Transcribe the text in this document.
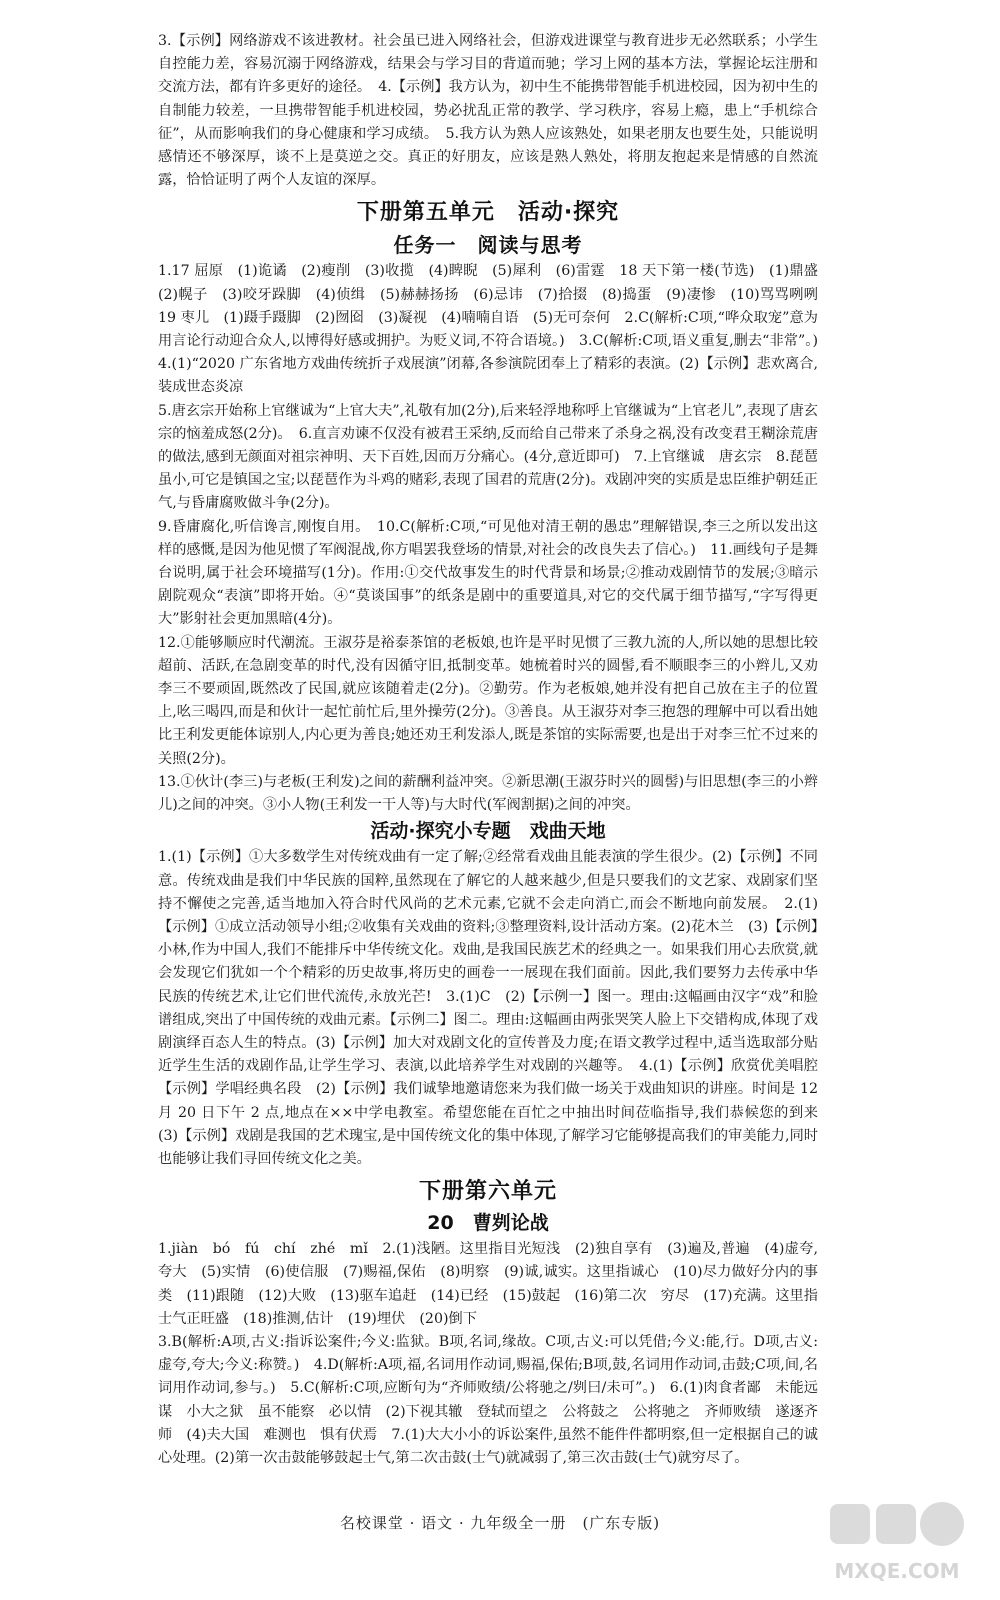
3.【示例】网络游戏不该进教材。社会虽已进入网络社会，但游戏进课堂与教育进步无必然联系；小学生自控能力差，容易沉溺于网络游戏，结果会与学习目的背道而驰；学习上网的基本方法，掌握论坛注册和交流方法，都有许多更好的途径。　4.【示例】我方认为，初中生不能携带智能手机进校园，因为初中生的自制能力较差，一旦携带智能手机进校园，势必扰乱正常的教学、学习秩序，容易上瘾，患上“手机综合征”，从而影响我们的身心健康和学习成绩。　5.我方认为熟人应该熟处，如果老朋友也要生处，只能说明感情还不够深厚，谈不上是莫逆之交。真正的好朋友，应该是熟人熟处，将朋友抱起来是情感的自然流露，恰恰证明了两个人友谊的深厚。

下册第五单元　活动·探究
任务一　阅读与思考

1.17 屈原　(1)诡谲　(2)瘦削　(3)收揽　(4)睥睨　(5)犀利　(6)雷霆　18 天下第一楼(节选)　(1)鼎盛　(2)幌子　(3)咬牙跺脚　(4)侦缉　(5)赫赫扬扬　(6)忌讳　(7)拾掇　(8)捣蛋　(9)凄惨　(10)骂骂咧咧　19 枣儿　(1)蹑手蹑脚　(2)囫囵　(3)凝视　(4)喃喃自语　(5)无可奈何　2.C(解析:C项,“哗众取宠”意为用言论行动迎合众人,以博得好感或拥护。为贬义词,不符合语境。)　3.C(解析:C项,语义重复,删去“非常”。)　4.(1)“2020 广东省地方戏曲传统折子戏展演”闭幕,各参演院团奉上了精彩的表演。(2)【示例】悲欢离合,装成世态炎凉

5.唐玄宗开始称上官继诚为“上官大夫”,礼敬有加(2分),后来轻浮地称呼上官继诚为“上官老儿”,表现了唐玄宗的恼羞成怒(2分)。　6.直言劝谏不仅没有被君王采纳,反而给自己带来了杀身之祸,没有改变君王糊涂荒唐的做法,感到无颜面对祖宗神明、天下百姓,因而万分痛心。(4分,意近即可)　7.上官继诚　唐玄宗　8.琵琶虽小,可它是镇国之宝;以琵琶作为斗鸡的赌彩,表现了国君的荒唐(2分)。戏剧冲突的实质是忠臣维护朝廷正气,与昏庸腐败做斗争(2分)。

9.昏庸腐化,听信谗言,刚愎自用。　10.C(解析:C项,“可见他对清王朝的愚忠”理解错误,李三之所以发出这样的感慨,是因为他见惯了军阀混战,你方唱罢我登场的情景,对社会的改良失去了信心。)　11.画线句子是舞台说明,属于社会环境描写(1分)。作用:①交代故事发生的时代背景和场景;②推动戏剧情节的发展;③暗示剧院观众“表演”即将开始。④“莫谈国事”的纸条是剧中的重要道具,对它的交代属于细节描写,“字写得更大”影射社会更加黑暗(4分)。

12.①能够顺应时代潮流。王淑芬是裕泰茶馆的老板娘,也许是平时见惯了三教九流的人,所以她的思想比较超前、活跃,在急剧变革的时代,没有因循守旧,抵制变革。她梳着时兴的圆髻,看不顺眼李三的小辫儿,又劝李三不要顽固,既然改了民国,就应该随着走(2分)。②勤劳。作为老板娘,她并没有把自己放在主子的位置上,吆三喝四,而是和伙计一起忙前忙后,里外操劳(2分)。③善良。从王淑芬对李三抱怨的理解中可以看出她比王利发更能体谅别人,内心更为善良;她还劝王利发添人,既是茶馆的实际需要,也是出于对李三忙不过来的关照(2分)。

13.①伙计(李三)与老板(王利发)之间的薪酬利益冲突。②新思潮(王淑芬时兴的圆髻)与旧思想(李三的小辫儿)之间的冲突。③小人物(王利发一干人等)与大时代(军阀割据)之间的冲突。

活动·探究小专题　戏曲天地

1.(1)【示例】①大多数学生对传统戏曲有一定了解;②经常看戏曲且能表演的学生很少。(2)【示例】不同意。传统戏曲是我们中华民族的国粹,虽然现在了解它的人越来越少,但是只要我们的文艺家、戏剧家们坚持不懈使之完善,适当地加入符合时代风尚的艺术元素,它就不会走向消亡,而会不断地向前发展。　2.(1)【示例】①成立活动领导小组;②收集有关戏曲的资料;③整理资料,设计活动方案。(2)花木兰　(3)【示例】小林,作为中国人,我们不能排斥中华传统文化。戏曲,是我国民族艺术的经典之一。如果我们用心去欣赏,就会发现它们犹如一个个精彩的历史故事,将历史的画卷一一展现在我们面前。因此,我们要努力去传承中华民族的传统艺术,让它们世代流传,永放光芒!　3.(1)C　(2)【示例一】图一。理由:这幅画由汉字“戏”和脸谱组成,突出了中国传统的戏曲元素。【示例二】图二。理由:这幅画由两张哭笑人脸上下交错构成,体现了戏剧演绎百态人生的特点。(3)【示例】加大对戏剧文化的宣传普及力度;在语文教学过程中,适当选取部分贴近学生生活的戏剧作品,让学生学习、表演,以此培养学生对戏剧的兴趣等。　4.(1)【示例】欣赏优美唱腔　【示例】学唱经典名段　(2)【示例】我们诚挚地邀请您来为我们做一场关于戏曲知识的讲座。时间是 12 月 20 日下午 2 点,地点在××中学电教室。希望您能在百忙之中抽出时间莅临指导,我们恭候您的到来　(3)【示例】戏剧是我国的艺术瑰宝,是中国传统文化的集中体现,了解学习它能够提高我们的审美能力,同时也能够让我们寻回传统文化之美。

下册第六单元
20　曹刿论战

1.jiàn　bó　fú　chí　zhé　mǐ　2.(1)浅陋。这里指目光短浅　(2)独自享有　(3)遍及,普遍　(4)虚夸,夸大　(5)实情　(6)使信服　(7)赐福,保佑　(8)明察　(9)诚,诚实。这里指诚心　(10)尽力做好分内的事　类　(11)跟随　(12)大败　(13)驱车追赶　(14)已经　(15)鼓起　(16)第二次　穷尽　(17)充满。这里指士气正旺盛　(18)推测,估计　(19)埋伏　(20)倒下

3.B(解析:A项,古义:指诉讼案件;今义:监狱。B项,名词,缘故。C项,古义:可以凭借;今义:能,行。D项,古义:虚夸,夸大;今义:称赞。)　4.D(解析:A项,福,名词用作动词,赐福,保佑;B项,鼓,名词用作动词,击鼓;C项,间,名词用作动词,参与。)　5.C(解析:C项,应断句为“齐师败绩/公将驰之/刿曰/未可”。)　6.(1)肉食者鄙　未能远谋　小大之狱　虽不能察　必以情　(2)下视其辙　登轼而望之　公将鼓之　公将驰之　齐师败绩　遂逐齐师　(4)夫大国　难测也　惧有伏焉　7.(1)大大小小的诉讼案件,虽然不能件件都明察,但一定根据自己的诚心处理。(2)第一次击鼓能够鼓起士气,第二次击鼓(士气)就减弱了,第三次击鼓(士气)就穷尽了。

名校课堂 · 语文 · 九年级全一册　(广东专版)
MXQE.COM
